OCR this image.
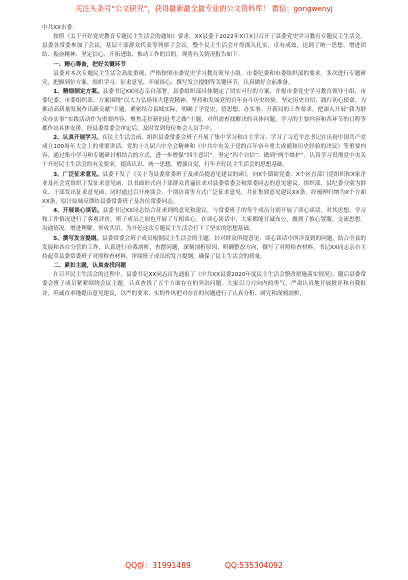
关注头条号“公文研究”，获得最新最全最专业的公文资料库！ 微信：gongwenyj

中共XX市委：

按照《关于开好党史教育专题民主生活会的通知》要求，XX县委于2022年X月X日召开了县委党史学习教育专题民主生活会。县委各常委参加了会议，基层干部群众代表等列席了会议，整个民主生活会开得深入扎实，卓有成效，达到了统一思想、增进团结、振奋精神、坚定信心、开拓进取、推动工作的目的，现将有关情况报告如下：

一、精心筹备，把好关键环节

县委对本次专题民主生活会高度重视，严格按照市委党史学习教育领导小组、市委纪委和市委组织部的要求，多次进行专题研究，把握到位方案。组织学习、征求意见、开展谈心、撰写发言提纲等关键环节，认真做好会前准备。

1、精细制定方案。县委书记XX同志亲自部署，县委组织部具体制定了切实可行的方案，并报市委党史学习教育领导小组、市委纪委、市委组织部。方案围绕“以大力弘扬伟大建党精神，坚持和发展党的百年奋斗历史经验，坚定历史自信，践行初心使命，为推动高质量发展作出新贡献”主题，紧密结合县域实际，明确了学党史、悟思想、办实事、开新局的工作要求，把深入开展“我为群众办实事”实践活动作为重要内容，聚焦走好新的赶考之路”主题，对所需查找解决的具体问题，学习的主要内容和各环节的日程等都作出具体安排，经县委常委会审定后，及时发到每位参会人员手中。

2、认真开展学习。在民主生活会前，组织县委常委会班子开展了集中学习和自主学习。学习了习近平总书记在庆祝中国共产党成立100周年大会上的重要讲话、党的十九届六中全会精神和《中共中央关于党的百年奋斗重大成就和历史经验的决议》等重要内容，通过集中学习和专题研讨相结合的方式，进一步增强“四个意识”，坚定“四个自信”，做到“两个维护”。认真学习贯彻党中央关于开好民主生活会的有关要求，提高认识、统一思想、增强自觉，打牢开好民主生活会的思想基础。

3、广泛征求意见。县委下发了《关于为县委常委班子及成员提意见建议的函》，向X个镇街党委、X个区直部门党组织和X家企业及社会党组织下发征求意见函，以书面形式向干部群众普遍征求对县委常委会和常委同志的意见建议。组织部、县纪委分别为群众、干部发出征求意见函，同时通过召开座谈会、个别访谈等方式广泛征求意见。共征集到意见建议XX条，经梳理归纳为X个方面XX条，原汁原味反馈给县委常委班子及各位常委同志。

4、开展谈心谈话。县委书记XX同志结合征求到的意见和建议，与常委班子的每个成员分别开展了谈心谈话，对其思想、学习和工作情况进行了客观评价，班子成员之间也开展了互相谈心。在谈心谈话中，大家都能开诚布公，做到了推心置腹，交流思想，沟通情况，增进理解，形成共识，为开好这次专题民主生活会打下了坚实的思想基础。

5、撰写发言提纲。县委常委会班子成员根据民主生活会的主题，针对群众所提意见、谈心谈话中所涉及到的问题，结合全县的发展和各自分管的工作，认真进行自我剖析，查摆问题，深刻剖析原因，明确整改方向，撰写了对照检查材料。书记XX同志亲自主持起草县委常委班子对照检查材料，审阅班子成员的发言提纲，确保了民主生活会的质量。

二、紧扣主题，认真查找问题

在召开民主生活会的过程中，县委书记XX同志首先通报了《中共XX县委2020年度民主生活会整改措施落实情况》，随后县委常委会班子成员紧紧围绕会议主题，认真查找了五个方面存在的突出问题。大家以刀刃向内的勇气，严肃认真地开展批评和自我批评，坦诚直率地提出意见建议，以严的要求、实的作风把对存在的问题进行了认真分析、研究和深刻剖析，

QQ群：31991489	QQ:535304092
